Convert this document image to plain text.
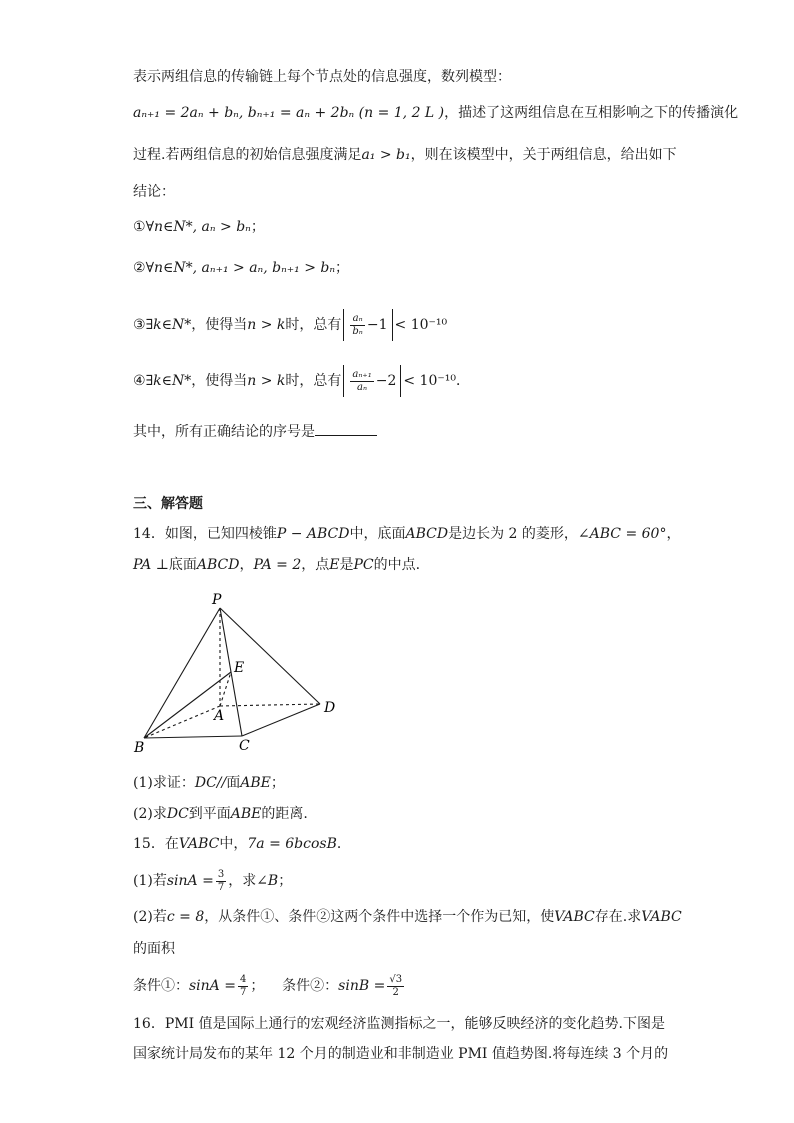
表示两组信息的传输链上每个节点处的信息强度，数列模型：
aₙ₊₁ = 2aₙ + bₙ, bₙ₊₁ = aₙ + 2bₙ (n = 1, 2 L )，描述了这两组信息在互相影响之下的传播演化
过程.若两组信息的初始信息强度满足a₁ > b₁，则在该模型中，关于两组信息，给出如下
结论：
①∀n∈N*, aₙ > bₙ；
②∀n∈N*, aₙ₊₁ > aₙ, bₙ₊₁ > bₙ；
③∃k∈N*，使得当n > k时，总有 $\frac{\text{aₙ}}{\text{bₙ}} -1 < 10^{-10}$
④∃k∈N*，使得当n > k时，总有 $\frac{\text{aₙ₊₁}}{\text{aₙ}} -2 < 10^{-10}$．
其中，所有正确结论的序号是
三、解答题
14．如图，已知四棱锥P − ABCD中，底面ABCD是边长为 2 的菱形，∠ABC = 60°，
PA ⊥底面ABCD，PA = 2，点E是PC的中点.
P
E
A	D
B	C
(1)求证：DC//面ABE；
(2)求DC到平面ABE的距离.
15．在VABC中，7a = 6bcosB．
(1)若$\sin A = \frac{3}{7}$ ，求∠B；
(2)若c = 8，从条件①、条件②这两个条件中选择一个作为已知，使VABC存在.求VABC
的面积
条件①：$\sin A = \frac{4}{7}$ ； 条件②：$\sin B = \frac{√3}{2}$
16．PMI 值是国际上通行的宏观经济监测指标之一，能够反映经济的变化趋势.下图是
国家统计局发布的某年 12 个月的制造业和非制造业 PMI 值趋势图.将每连续 3 个月的
